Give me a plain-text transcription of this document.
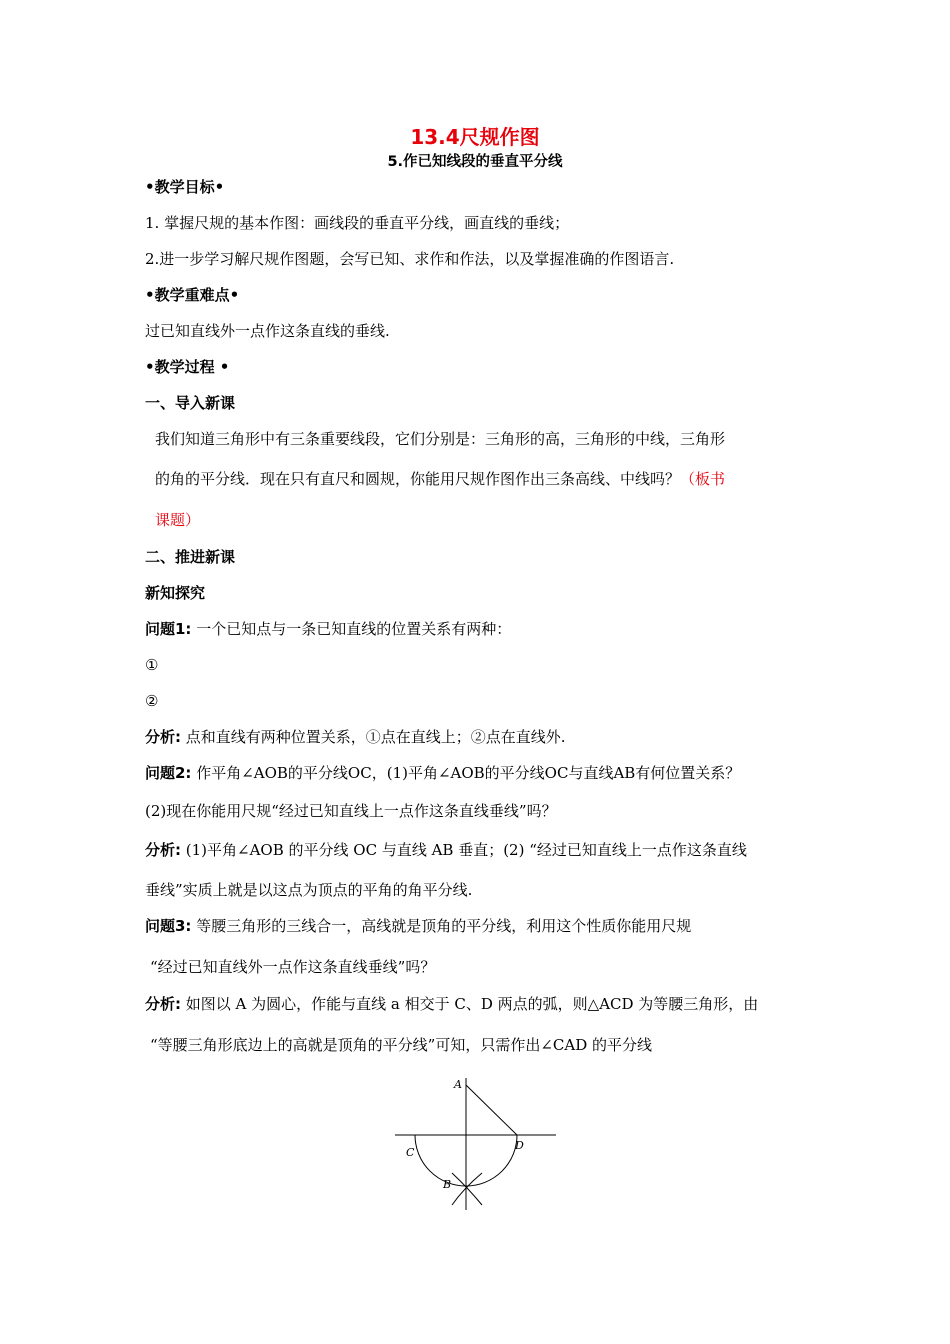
13.4尺规作图
5.作已知线段的垂直平分线
•教学目标•
1. 掌握尺规的基本作图：画线段的垂直平分线，画直线的垂线；
2.进一步学习解尺规作图题，会写已知、求作和作法，以及掌握准确的作图语言.
•教学重难点•
过已知直线外一点作这条直线的垂线.
•教学过程 •
一、导入新课
我们知道三角形中有三条重要线段，它们分别是：三角形的高，三角形的中线，三角形
的角的平分线．现在只有直尺和圆规，你能用尺规作图作出三条高线、中线吗？（板书
课题）
二、推进新课
新知探究
问题1: 一个已知点与一条已知直线的位置关系有两种：
①
②
分析: 点和直线有两种位置关系，①点在直线上；②点在直线外.
问题2: 作平角∠AOB的平分线OC，(1)平角∠AOB的平分线OC与直线AB有何位置关系？
(2)现在你能用尺规“经过已知直线上一点作这条直线垂线”吗？
分析: (1)平角∠AOB 的平分线 OC 与直线 AB 垂直；(2) “经过已知直线上一点作这条直线
垂线”实质上就是以这点为顶点的平角的角平分线.
问题3: 等腰三角形的三线合一，高线就是顶角的平分线，利用这个性质你能用尺规
“经过已知直线外一点作这条直线垂线”吗？
分析: 如图以 A 为圆心，作能与直线 a 相交于 C、D 两点的弧，则△ACD 为等腰三角形，由
“等腰三角形底边上的高就是顶角的平分线”可知，只需作出∠CAD 的平分线
A
C
D
B
